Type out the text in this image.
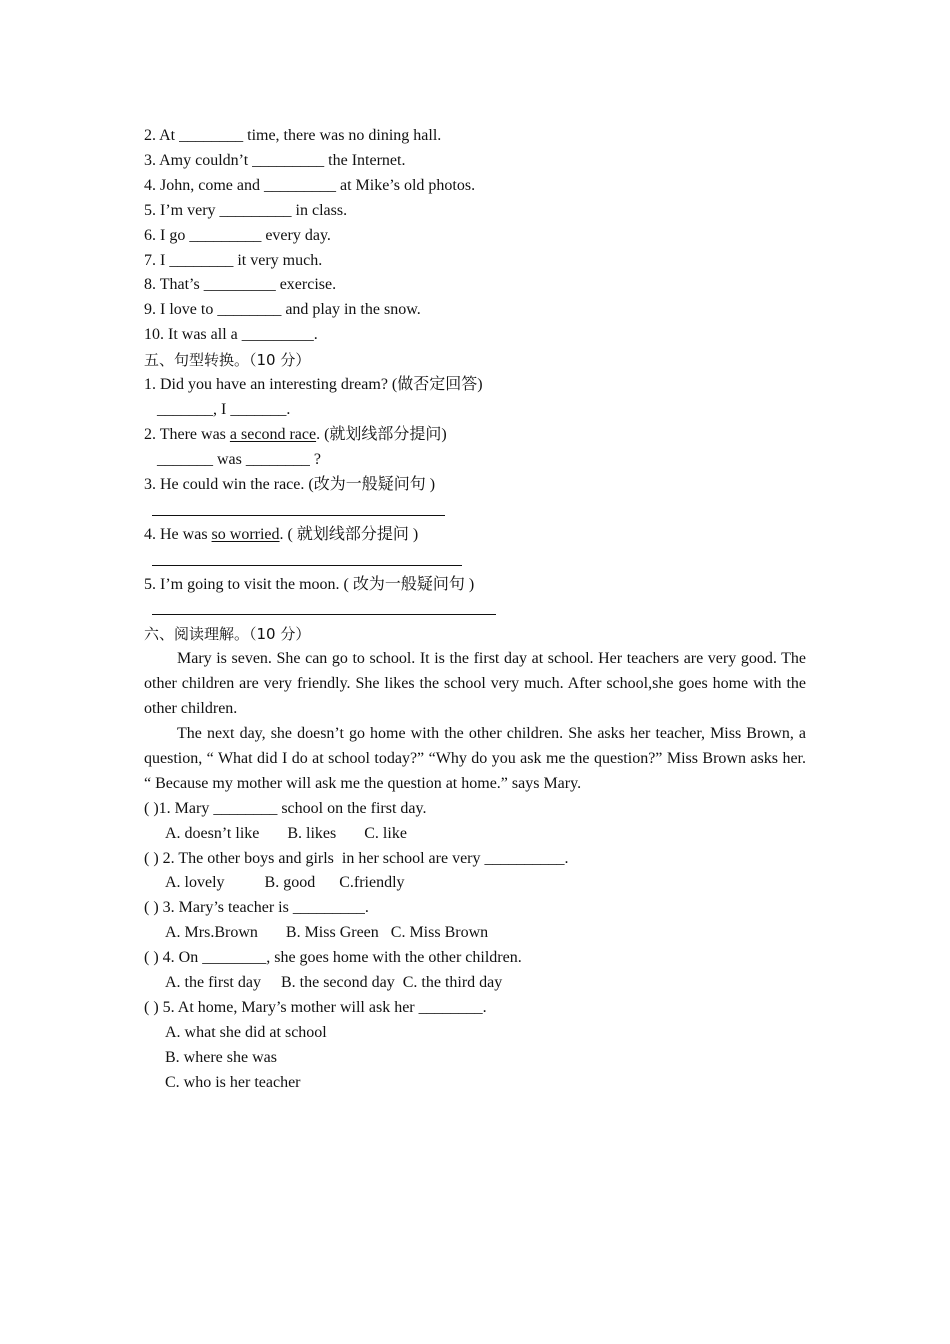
2. At ________ time, there was no dining hall.

3. Amy couldn’t _________ the Internet.

4. John, come and _________ at Mike’s old photos.

5. I’m very _________ in class.

6. I go _________ every day.

7. I ________ it very much.

8. That’s _________ exercise.

9. I love to ________ and play in the snow.

10. It was all a _________.

五、句型转换。（10 分）

1. Did you have an interesting dream? (做否定回答)

_______, I _______.

2. There was a second race. (就划线部分提问)

_______ was ________ ?

3. He could win the race. (改为一般疑问句 )

4. He was so worried. ( 就划线部分提问 )

5. I’m going to visit the moon. ( 改为一般疑问句 )

六、阅读理解。（10 分）

Mary is seven. She can go to school. It is the first day at school. Her teachers are very good. The other children are very friendly. She likes the school very much. After school,she goes home with the other children.

The next day, she doesn’t go home with the other children. She asks her teacher, Miss Brown, a question, “ What did I do at school today?” “Why do you ask me the question?” Miss Brown asks her. “ Because my mother will ask me the question at home.” says Mary.

( )1. Mary ________ school on the first day.

A. doesn’t like       B. likes       C. like

( ) 2. The other boys and girls  in her school are very __________.

A. lovely          B. good      C.friendly

( ) 3. Mary’s teacher is _________.

A. Mrs.Brown       B. Miss Green   C. Miss Brown

( ) 4. On ________, she goes home with the other children.

A. the first day     B. the second day  C. the third day

( ) 5. At home, Mary’s mother will ask her ________.

A. what she did at school

B. where she was

C. who is her teacher
